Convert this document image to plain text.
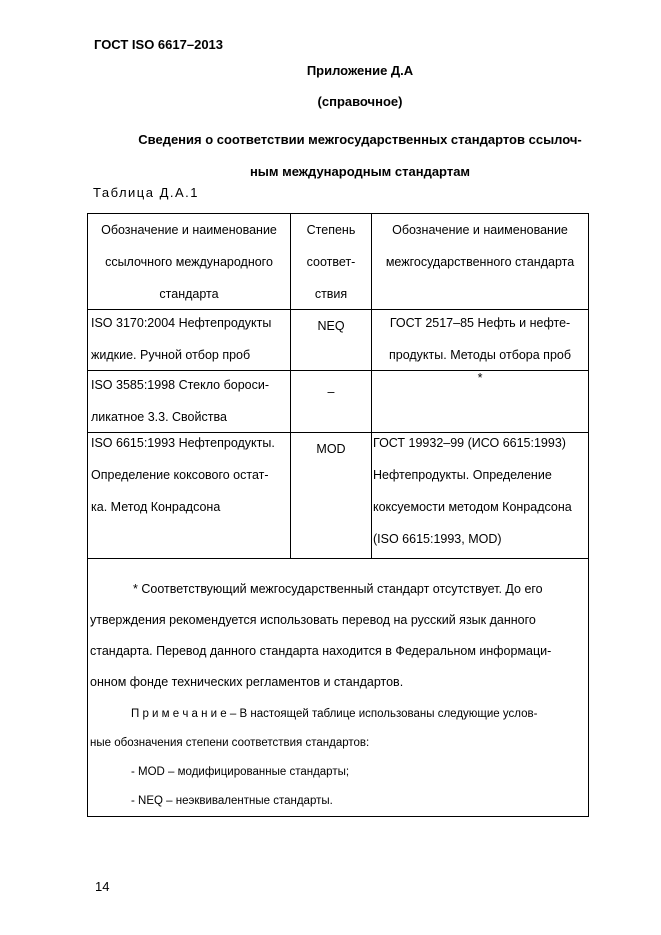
ГОСТ ISO 6617–2013
Приложение Д.А
(справочное)
Сведения о соответствии межгосударственных стандартов ссылоч-
ным международным стандартам
Таблица Д.А.1
Обозначение и наименование
ссылочного международного
стандарта
Степень
соответ-
ствия
Обозначение и наименование
межгосударственного стандарта
ISO 3170:2004 Нефтепродукты
жидкие. Ручной отбор проб
NEQ	ГОСТ 2517–85 Нефть и нефте-
продукты. Методы отбора проб
ISO 3585:1998 Стекло борoси-
ликатное 3.3. Свойства
–
*
ISO 6615:1993 Нефтепродукты.
Определение коксового остат-
ка. Метод Конрадсона
MOD	ГОСТ 19932–99 (ИСО 6615:1993)
Нефтепродукты. Определение
коксуемости методом Конрадсона
(ISO 6615:1993, MOD)
* Соответствующий межгосударственный стандарт отсутствует. До его
утверждения рекомендуется использовать перевод на русский язык данного
стандарта. Перевод данного стандарта находится в Федеральном информаци-
онном фонде технических регламентов и стандартов.
П р и м е ч а н и е – В настоящей таблице использованы следующие услов-
ные обозначения степени соответствия стандартов:
- MOD – модифицированные стандарты;
- NEQ – неэквивалентные стандарты.
14
